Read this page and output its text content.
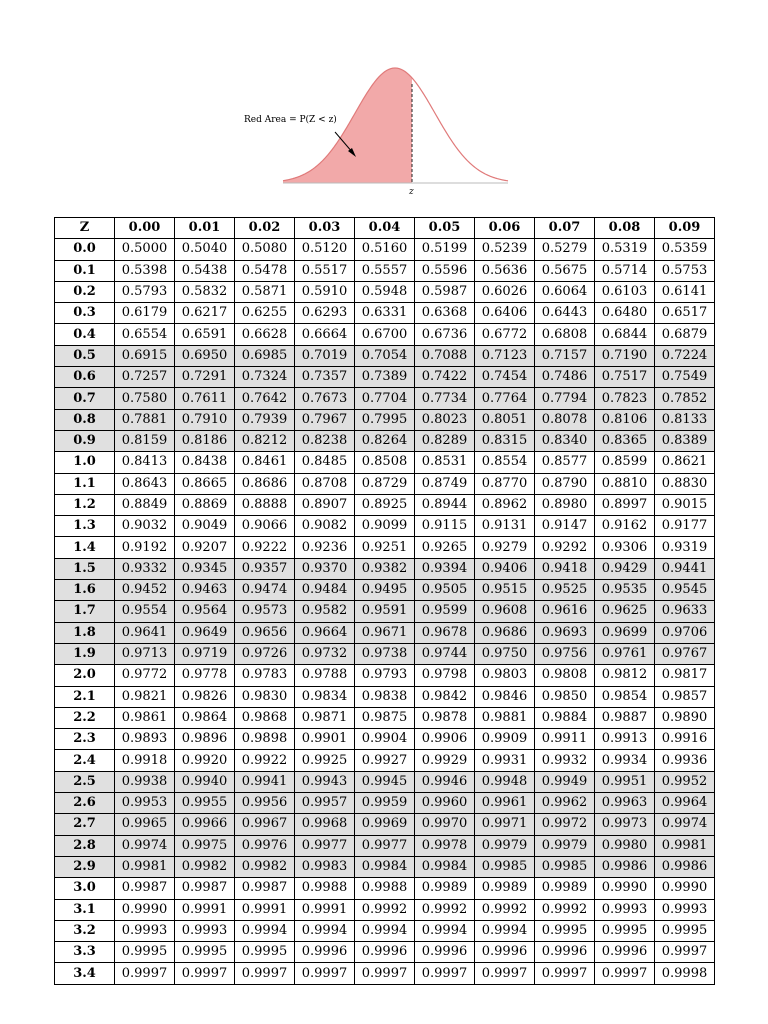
Red Area = P(Z < z)
z
Z	0.00	0.01	0.02	0.03	0.04	0.05	0.06	0.07	0.08	0.09
0.0	0.5000	0.5040	0.5080	0.5120	0.5160	0.5199	0.5239	0.5279	0.5319	0.5359
0.1	0.5398	0.5438	0.5478	0.5517	0.5557	0.5596	0.5636	0.5675	0.5714	0.5753
0.2	0.5793	0.5832	0.5871	0.5910	0.5948	0.5987	0.6026	0.6064	0.6103	0.6141
0.3	0.6179	0.6217	0.6255	0.6293	0.6331	0.6368	0.6406	0.6443	0.6480	0.6517
0.4	0.6554	0.6591	0.6628	0.6664	0.6700	0.6736	0.6772	0.6808	0.6844	0.6879
0.5	0.6915	0.6950	0.6985	0.7019	0.7054	0.7088	0.7123	0.7157	0.7190	0.7224
0.6	0.7257	0.7291	0.7324	0.7357	0.7389	0.7422	0.7454	0.7486	0.7517	0.7549
0.7	0.7580	0.7611	0.7642	0.7673	0.7704	0.7734	0.7764	0.7794	0.7823	0.7852
0.8	0.7881	0.7910	0.7939	0.7967	0.7995	0.8023	0.8051	0.8078	0.8106	0.8133
0.9	0.8159	0.8186	0.8212	0.8238	0.8264	0.8289	0.8315	0.8340	0.8365	0.8389
1.0	0.8413	0.8438	0.8461	0.8485	0.8508	0.8531	0.8554	0.8577	0.8599	0.8621
1.1	0.8643	0.8665	0.8686	0.8708	0.8729	0.8749	0.8770	0.8790	0.8810	0.8830
1.2	0.8849	0.8869	0.8888	0.8907	0.8925	0.8944	0.8962	0.8980	0.8997	0.9015
1.3	0.9032	0.9049	0.9066	0.9082	0.9099	0.9115	0.9131	0.9147	0.9162	0.9177
1.4	0.9192	0.9207	0.9222	0.9236	0.9251	0.9265	0.9279	0.9292	0.9306	0.9319
1.5	0.9332	0.9345	0.9357	0.9370	0.9382	0.9394	0.9406	0.9418	0.9429	0.9441
1.6	0.9452	0.9463	0.9474	0.9484	0.9495	0.9505	0.9515	0.9525	0.9535	0.9545
1.7	0.9554	0.9564	0.9573	0.9582	0.9591	0.9599	0.9608	0.9616	0.9625	0.9633
1.8	0.9641	0.9649	0.9656	0.9664	0.9671	0.9678	0.9686	0.9693	0.9699	0.9706
1.9	0.9713	0.9719	0.9726	0.9732	0.9738	0.9744	0.9750	0.9756	0.9761	0.9767
2.0	0.9772	0.9778	0.9783	0.9788	0.9793	0.9798	0.9803	0.9808	0.9812	0.9817
2.1	0.9821	0.9826	0.9830	0.9834	0.9838	0.9842	0.9846	0.9850	0.9854	0.9857
2.2	0.9861	0.9864	0.9868	0.9871	0.9875	0.9878	0.9881	0.9884	0.9887	0.9890
2.3	0.9893	0.9896	0.9898	0.9901	0.9904	0.9906	0.9909	0.9911	0.9913	0.9916
2.4	0.9918	0.9920	0.9922	0.9925	0.9927	0.9929	0.9931	0.9932	0.9934	0.9936
2.5	0.9938	0.9940	0.9941	0.9943	0.9945	0.9946	0.9948	0.9949	0.9951	0.9952
2.6	0.9953	0.9955	0.9956	0.9957	0.9959	0.9960	0.9961	0.9962	0.9963	0.9964
2.7	0.9965	0.9966	0.9967	0.9968	0.9969	0.9970	0.9971	0.9972	0.9973	0.9974
2.8	0.9974	0.9975	0.9976	0.9977	0.9977	0.9978	0.9979	0.9979	0.9980	0.9981
2.9	0.9981	0.9982	0.9982	0.9983	0.9984	0.9984	0.9985	0.9985	0.9986	0.9986
3.0	0.9987	0.9987	0.9987	0.9988	0.9988	0.9989	0.9989	0.9989	0.9990	0.9990
3.1	0.9990	0.9991	0.9991	0.9991	0.9992	0.9992	0.9992	0.9992	0.9993	0.9993
3.2	0.9993	0.9993	0.9994	0.9994	0.9994	0.9994	0.9994	0.9995	0.9995	0.9995
3.3	0.9995	0.9995	0.9995	0.9996	0.9996	0.9996	0.9996	0.9996	0.9996	0.9997
3.4	0.9997	0.9997	0.9997	0.9997	0.9997	0.9997	0.9997	0.9997	0.9997	0.9998
